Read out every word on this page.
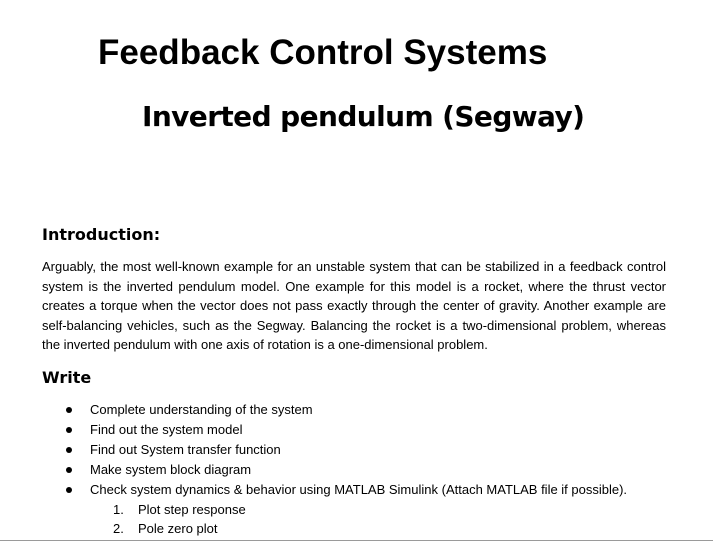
Feedback Control Systems
Inverted pendulum (Segway)
Introduction:

Arguably, the most well-known example for an unstable system that can be stabilized in a feedback control system is the inverted pendulum model. One example for this model is a rocket, where the thrust vector creates a torque when the vector does not pass exactly through the center of gravity. Another example are self-balancing vehicles, such as the Segway. Balancing the rocket is a two-dimensional problem, whereas the inverted pendulum with one axis of rotation is a one-dimensional problem.

Write
Complete understanding of the system
Find out the system model
Find out System transfer function
Make system block diagram
Check system dynamics & behavior using MATLAB Simulink (Attach MATLAB file if possible).
1. Plot step response
2. Pole zero plot
